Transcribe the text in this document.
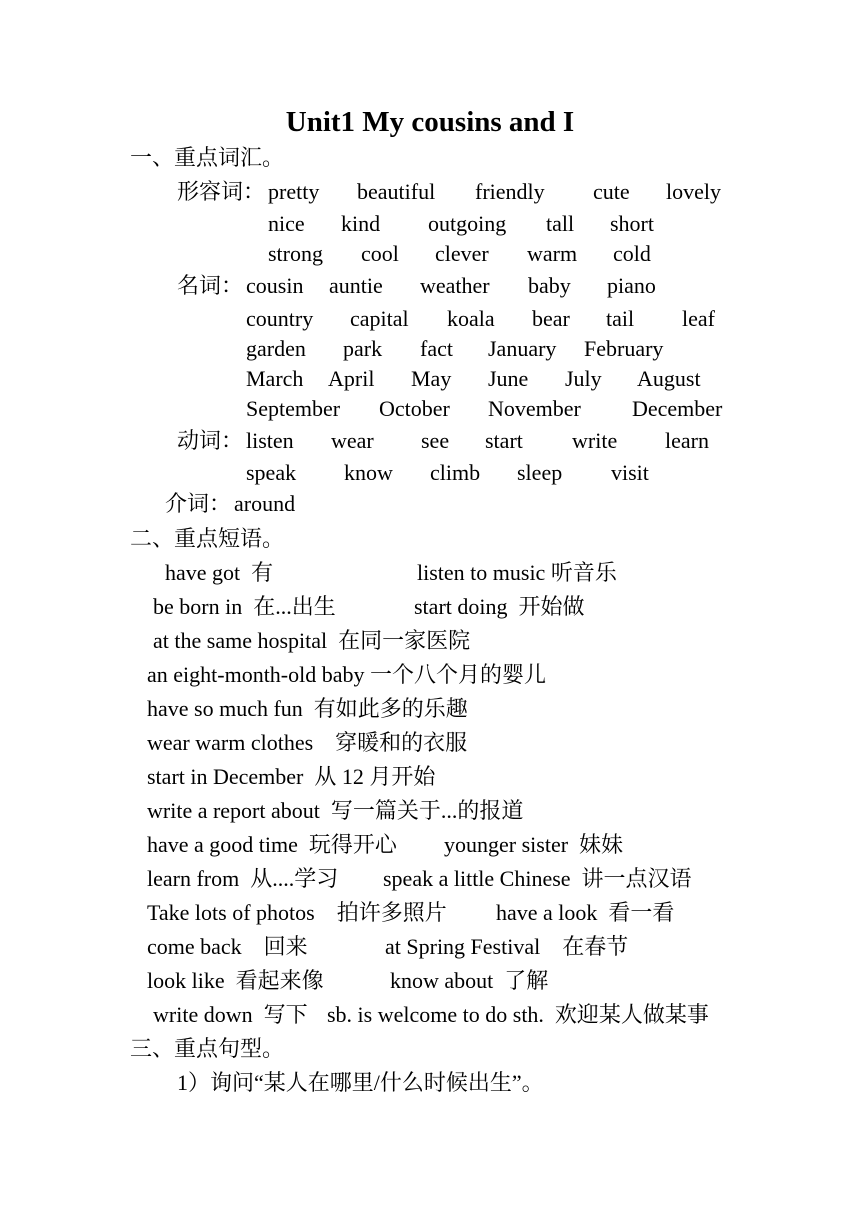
Unit1 My cousins and I
一、重点词汇。
形容词： pretty beautiful friendly cute lovely
nice kind outgoing tall short
strong cool clever warm cold
名词： cousin auntie weather baby piano
country capital koala bear tail leaf
garden park fact January February
March April May June July August
September October November December
动词： listen wear see start write learn
speak know climb sleep visit
介词： around
二、重点短语。
have got  有	listen to music 听音乐
be born in  在...出生	start doing  开始做
at the same hospital  在同一家医院
an eight-month-old baby 一个八个月的婴儿
have so much fun  有如此多的乐趣
wear warm clothes    穿暖和的衣服
start in December  从 12 月开始
write a report about  写一篇关于...的报道
have a good time  玩得开心 younger sister  妹妹
learn from  从....学习 speak a little Chinese  讲一点汉语
Take lots of photos    拍许多照片 have a look  看一看
come back    回来	at Spring Festival    在春节
look like  看起来像	know about  了解
write down  写下 sb. is welcome to do sth.  欢迎某人做某事
三、重点句型。
1）询问“某人在哪里/什么时候出生”。
